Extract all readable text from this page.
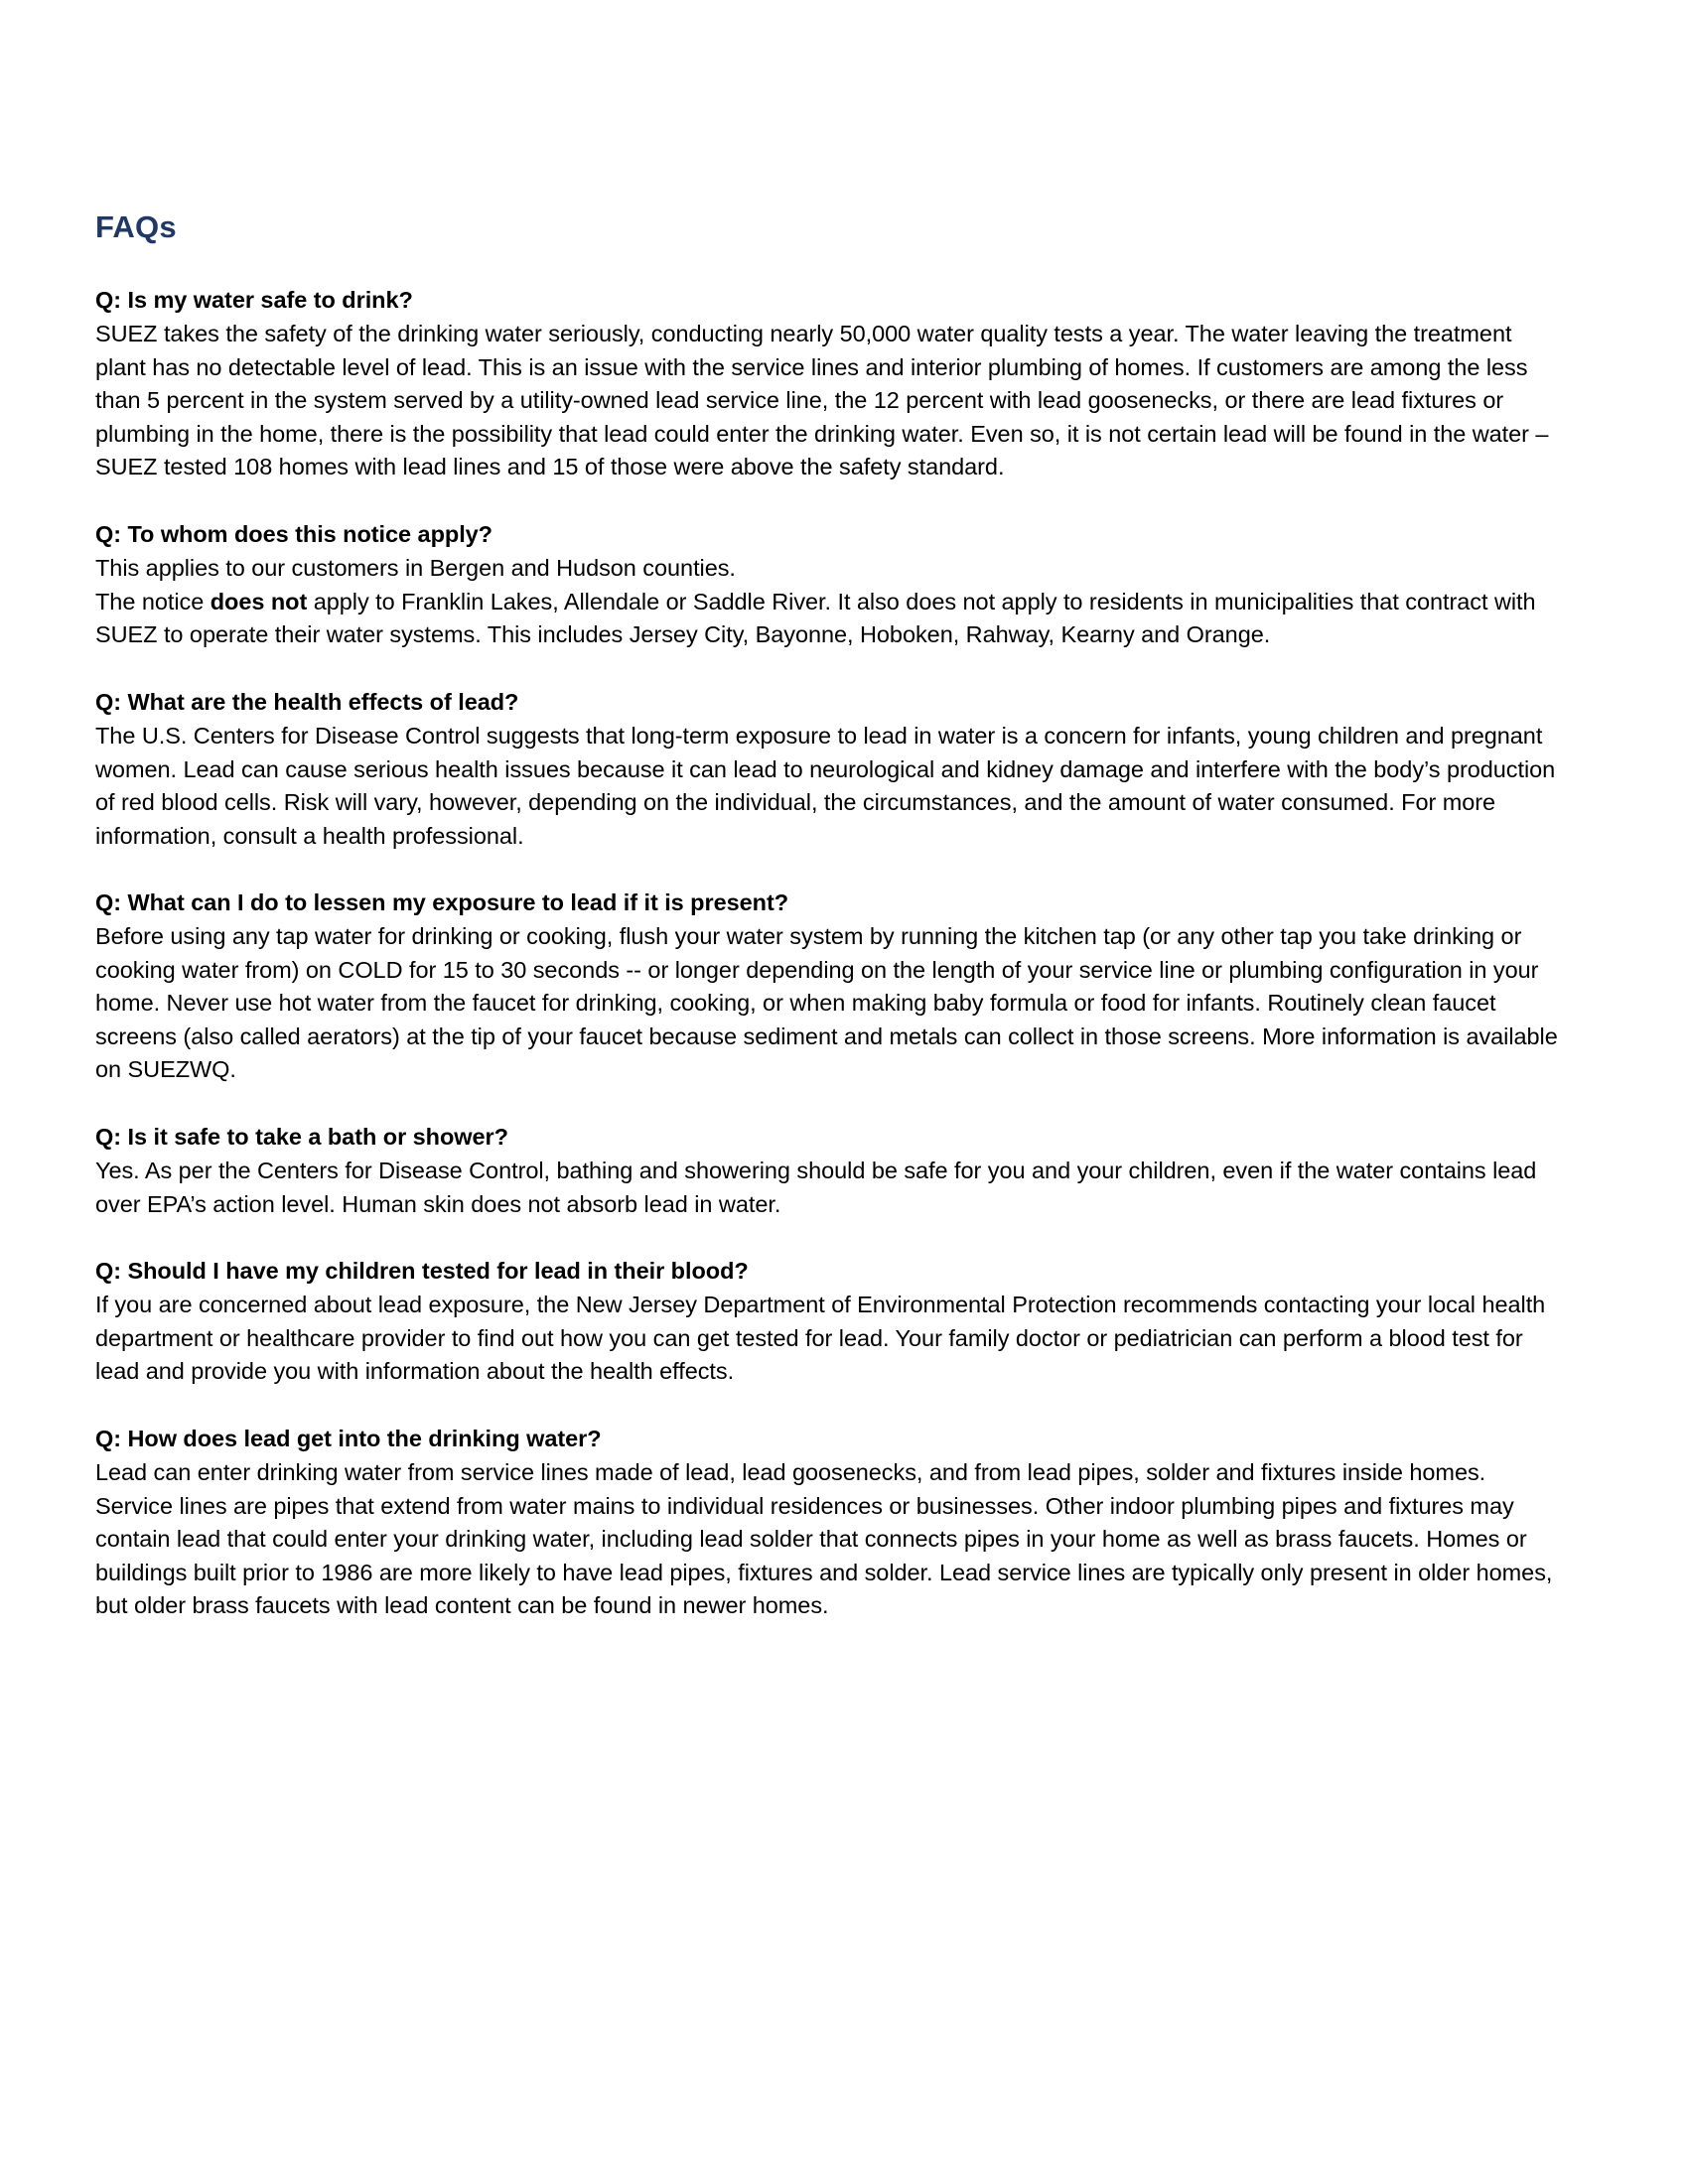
FAQs

Q: Is my water safe to drink?

SUEZ takes the safety of the drinking water seriously, conducting nearly 50,000 water quality tests a year. The water leaving the treatment plant has no detectable level of lead. This is an issue with the service lines and interior plumbing of homes. If customers are among the less than 5 percent in the system served by a utility-owned lead service line, the 12 percent with lead goosenecks, or there are lead fixtures or plumbing in the home, there is the possibility that lead could enter the drinking water. Even so, it is not certain lead will be found in the water – SUEZ tested 108 homes with lead lines and 15 of those were above the safety standard.

Q: To whom does this notice apply?

This applies to our customers in Bergen and Hudson counties.

The notice does not apply to Franklin Lakes, Allendale or Saddle River. It also does not apply to residents in municipalities that contract with SUEZ to operate their water systems. This includes Jersey City, Bayonne, Hoboken, Rahway, Kearny and Orange.

Q: What are the health effects of lead?

The U.S. Centers for Disease Control suggests that long-term exposure to lead in water is a concern for infants, young children and pregnant women. Lead can cause serious health issues because it can lead to neurological and kidney damage and interfere with the body’s production of red blood cells. Risk will vary, however, depending on the individual, the circumstances, and the amount of water consumed. For more information, consult a health professional.

Q: What can I do to lessen my exposure to lead if it is present?

Before using any tap water for drinking or cooking, flush your water system by running the kitchen tap (or any other tap you take drinking or cooking water from) on COLD for 15 to 30 seconds -- or longer depending on the length of your service line or plumbing configuration in your home. Never use hot water from the faucet for drinking, cooking, or when making baby formula or food for infants. Routinely clean faucet screens (also called aerators) at the tip of your faucet because sediment and metals can collect in those screens. More information is available on SUEZWQ.

Q: Is it safe to take a bath or shower?

Yes. As per the Centers for Disease Control, bathing and showering should be safe for you and your children, even if the water contains lead over EPA’s action level. Human skin does not absorb lead in water.

Q: Should I have my children tested for lead in their blood?

If you are concerned about lead exposure, the New Jersey Department of Environmental Protection recommends contacting your local health department or healthcare provider to find out how you can get tested for lead. Your family doctor or pediatrician can perform a blood test for lead and provide you with information about the health effects.

Q: How does lead get into the drinking water?

Lead can enter drinking water from service lines made of lead, lead goosenecks, and from lead pipes, solder and fixtures inside homes. Service lines are pipes that extend from water mains to individual residences or businesses. Other indoor plumbing pipes and fixtures may contain lead that could enter your drinking water, including lead solder that connects pipes in your home as well as brass faucets. Homes or buildings built prior to 1986 are more likely to have lead pipes, fixtures and solder. Lead service lines are typically only present in older homes, but older brass faucets with lead content can be found in newer homes.
